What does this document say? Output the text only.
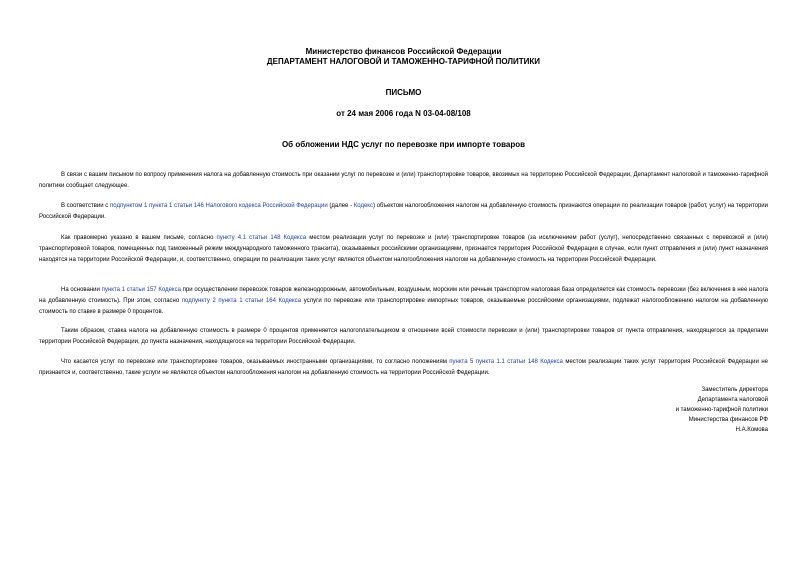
Министерство финансов Российской Федерации
ДЕПАРТАМЕНТ НАЛОГОВОЙ И ТАМОЖЕННО-ТАРИФНОЙ ПОЛИТИКИ
ПИСЬМО
от 24 мая 2006 года N 03-04-08/108
Об обложении НДС услуг по перевозке при импорте товаров

В связи с вашим письмом по вопросу применения налога на добавленную стоимость при оказании услуг по перевозке и (или) транспортировке товаров, ввозимых на территорию Российской Федерации, Департамент налоговой и таможенно-тарифной политики сообщает следующее.

В соответствии с подпунктом 1 пункта 1 статьи 146 Налогового кодекса Российской Федерации (далее - Кодекс) объектом налогообложения налогом на добавленную стоимость признаются операции по реализации товаров (работ, услуг) на территории Российской Федерации.

Как правомерно указано в вашем письме, согласно пункту 4.1 статьи 148 Кодекса местом реализации услуг по перевозке и (или) транспортировке товаров (за исключением работ (услуг), непосредственно связанных с перевозкой и (или) транспортировкой товаров, помещенных под таможенный режим международного таможенного транзита), оказываемых российскими организациями, признается территория Российской Федерации в случае, если пункт отправления и (или) пункт назначения находятся на территории Российской Федерации, и, соответственно, операции по реализации таких услуг являются объектом налогообложения налогом на добавленную стоимость на территории Российской Федерации.

На основании пункта 1 статьи 157 Кодекса при осуществлении перевозок товаров железнодорожным, автомобильным, воздушным, морским или речным транспортом налоговая база определяется как стоимость перевозки (без включения в нее налога на добавленную стоимость). При этом, согласно подпункту 2 пункта 1 статьи 164 Кодекса услуги по перевозке или транспортировке импортных товаров, оказываемые российскими организациями, подлежат налогообложению налогом на добавленную стоимость по ставке в размере 0 процентов.

Таким образом, ставка налога на добавленную стоимость в размере 0 процентов применяется налогоплательщиком в отношении всей стоимости перевозки и (или) транспортировки товаров от пункта отправления, находящегося за пределами территории Российской Федерации, до пункта назначения, находящегося на территории Российской Федерации.

Что касается услуг по перевозке или транспортировке товаров, оказываемых иностранными организациями, то согласно положениям пункта 5 пункта 1.1 статьи 148 Кодекса местом реализации таких услуг территория Российской Федерации не признается и, соответственно, такие услуги не являются объектом налогообложения налогом на добавленную стоимость на территории Российской Федерации.

Заместитель директора
Департамента налоговой
и таможенно-тарифной политики
Министерства финансов РФ
Н.А.Комова
